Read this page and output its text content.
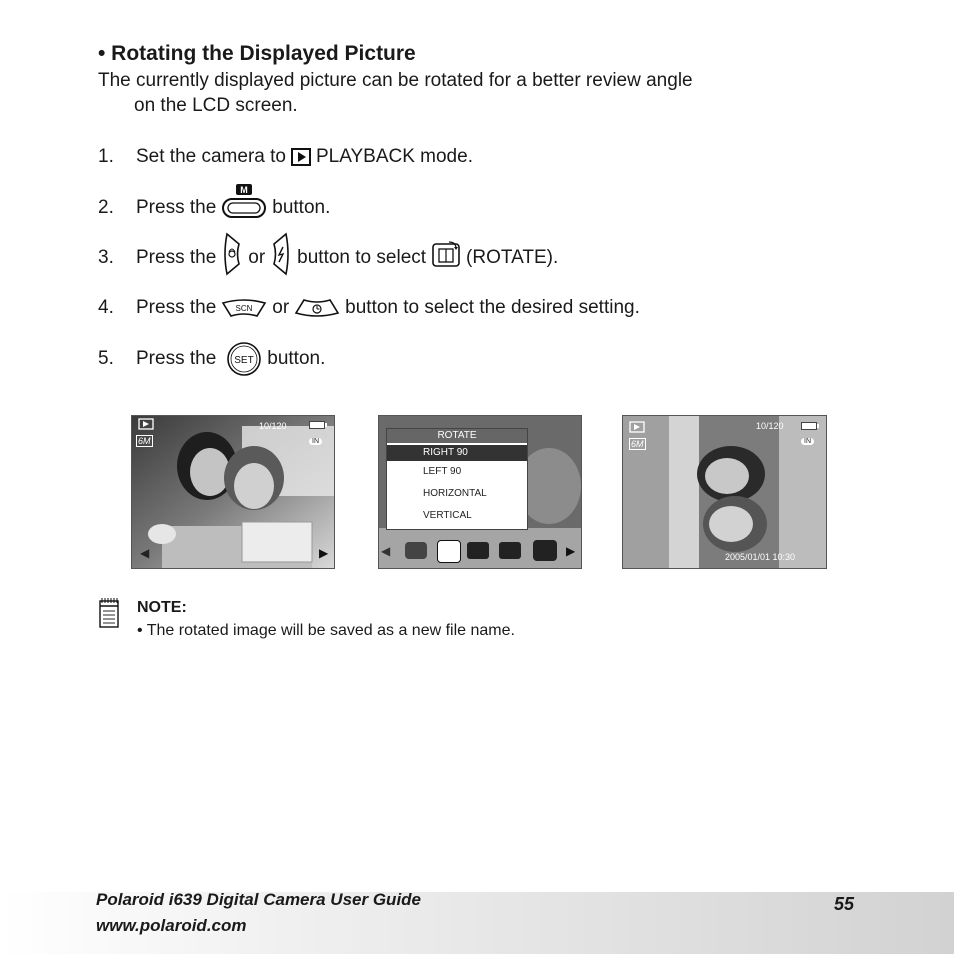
• Rotating the Displayed Picture
The currently displayed picture can be rotated for a better review angle
on the LCD screen.
1.	Set the camera to PLAYBACK mode.
2.	Press the
M
button.
3.	Press the or button to select (ROTATE).
4.	Press the SCN or	button to select the desired setting.
5.	Press the SET button.
6M
10/120
IN
◀	▶	◀	▶
ROTATE
RIGHT 90
LEFT 90
HORIZONTAL
VERTICAL
6M
10/120
IN
2005/01/01 10:30
NOTE:
• The rotated image will be saved as a new file name.
Polaroid i639 Digital Camera User Guide
www.polaroid.com
55
